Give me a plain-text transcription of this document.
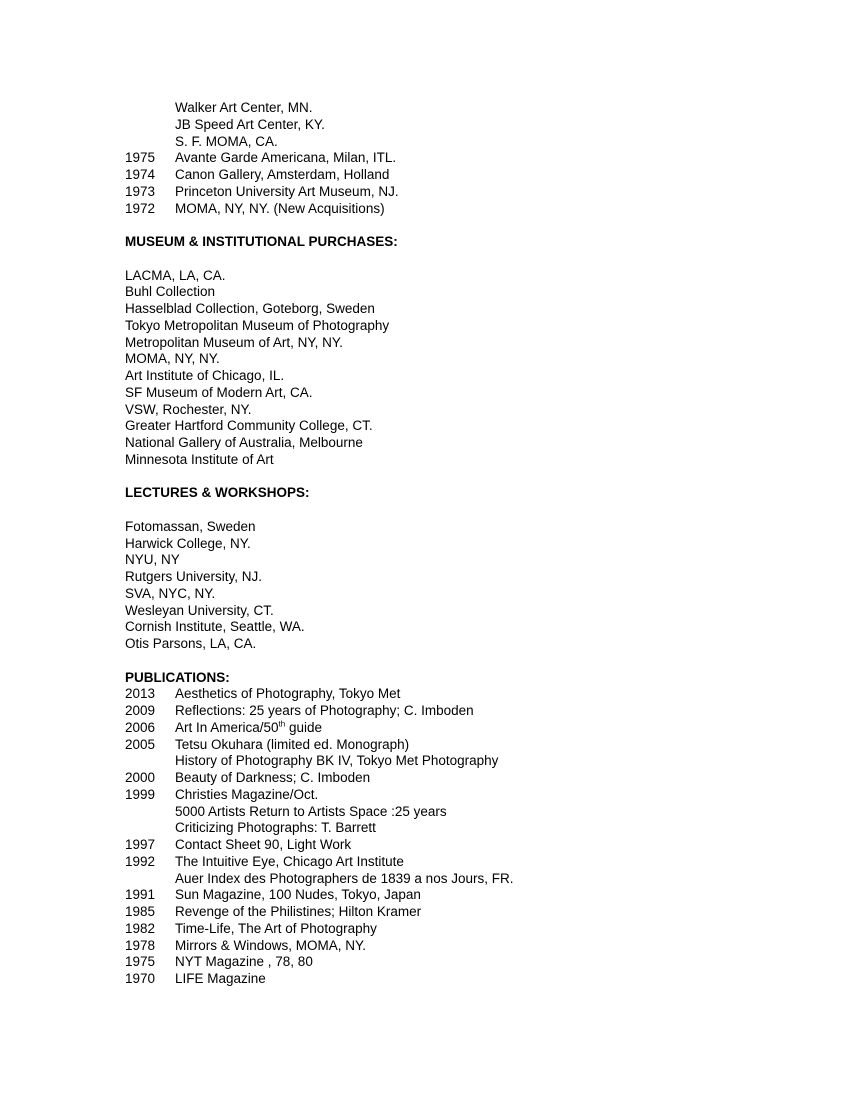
Walker Art Center, MN.
JB Speed Art Center, KY.
S. F. MOMA, CA.
1975 Avante Garde Americana, Milan, ITL.
1974 Canon Gallery, Amsterdam, Holland
1973 Princeton University Art Museum, NJ.
1972 MOMA, NY, NY. (New Acquisitions)
MUSEUM & INSTITUTIONAL PURCHASES:
LACMA, LA, CA.
Buhl Collection
Hasselblad Collection, Goteborg, Sweden
Tokyo Metropolitan Museum of Photography
Metropolitan Museum of Art, NY, NY.
MOMA, NY, NY.
Art Institute of Chicago, IL.
SF Museum of Modern Art, CA.
VSW, Rochester, NY.
Greater Hartford Community College, CT.
National Gallery of Australia, Melbourne
Minnesota Institute of Art
LECTURES & WORKSHOPS:
Fotomassan, Sweden
Harwick College, NY.
NYU, NY
Rutgers University, NJ.
SVA, NYC, NY.
Wesleyan University, CT.
Cornish Institute, Seattle, WA.
Otis Parsons, LA, CA.
PUBLICATIONS:
2013 Aesthetics of Photography, Tokyo Met
2009 Reflections: 25 years of Photography; C. Imboden
2006 Art In America/50th guide
2005 Tetsu Okuhara (limited ed. Monograph)
History of Photography BK IV, Tokyo Met Photography
2000 Beauty of Darkness; C. Imboden
1999 Christies Magazine/Oct.
5000 Artists Return to Artists Space :25 years
Criticizing Photographs: T. Barrett
1997 Contact Sheet 90, Light Work
1992 The Intuitive Eye, Chicago Art Institute
Auer Index des Photographers de 1839 a nos Jours, FR.
1991 Sun Magazine, 100 Nudes, Tokyo, Japan
1985 Revenge of the Philistines; Hilton Kramer
1982 Time-Life, The Art of Photography
1978 Mirrors & Windows, MOMA, NY.
1975 NYT Magazine , 78, 80
1970 LIFE Magazine
